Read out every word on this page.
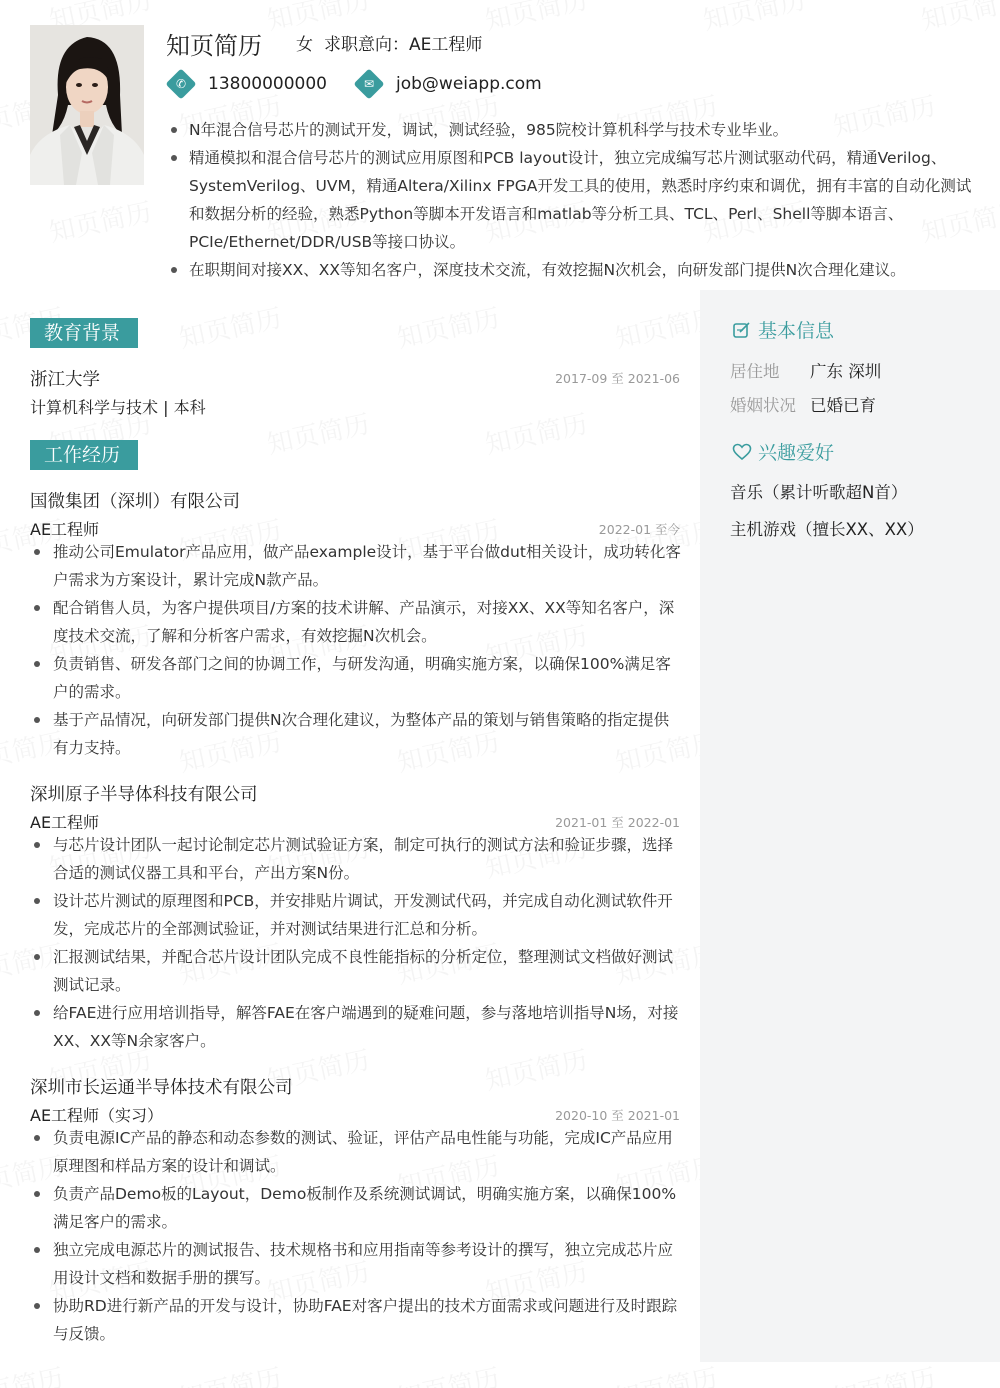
知页简历 女 求职意向：AE工程师
✆ 13800000000	✉ job@weiapp.com
N年混合信号芯片的测试开发，调试，测试经验，985院校计算机科学与技术专业毕业。
精通模拟和混合信号芯片的测试应用原图和PCB layout设计，独立完成编写芯片测试驱动代码，精通Verilog、SystemVerilog、UVM，精通Altera/Xilinx FPGA开发工具的使用，熟悉时序约束和调优，拥有丰富的自动化测试和数据分析的经验，熟悉Python等脚本开发语言和matlab等分析工具、TCL、Perl、Shell等脚本语言、PCIe/Ethernet/DDR/USB等接口协议。
在职期间对接XX、XX等知名客户，深度技术交流，有效挖掘N次机会，向研发部门提供N次合理化建议。
教育背景
浙江大学	2017-09 至 2021-06
计算机科学与技术 | 本科
工作经历
国微集团（深圳）有限公司
AE工程师	2022-01 至今
推动公司Emulator产品应用，做产品example设计，基于平台做dut相关设计，成功转化客户需求为方案设计，累计完成N款产品。
配合销售人员，为客户提供项目/方案的技术讲解、产品演示，对接XX、XX等知名客户，深度技术交流，了解和分析客户需求，有效挖掘N次机会。
负责销售、研发各部门之间的协调工作，与研发沟通，明确实施方案，以确保100%满足客户的需求。
基于产品情况，向研发部门提供N次合理化建议，为整体产品的策划与销售策略的指定提供有力支持。
深圳原子半导体科技有限公司
AE工程师	2021-01 至 2022-01
与芯片设计团队一起讨论制定芯片测试验证方案，制定可执行的测试方法和验证步骤，选择合适的测试仪器工具和平台，产出方案N份。
设计芯片测试的原理图和PCB，并安排贴片调试，开发测试代码，并完成自动化测试软件开发，完成芯片的全部测试验证，并对测试结果进行汇总和分析。
汇报测试结果，并配合芯片设计团队完成不良性能指标的分析定位，整理测试文档做好测试测试记录。
给FAE进行应用培训指导，解答FAE在客户端遇到的疑难问题，参与落地培训指导N场，对接XX、XX等N余家客户。
深圳市长运通半导体技术有限公司
AE工程师（实习）	2020-10 至 2021-01
负责电源IC产品的静态和动态参数的测试、验证，评估产品电性能与功能，完成IC产品应用原理图和样品方案的设计和调试。
负责产品Demo板的Layout，Demo板制作及系统测试调试，明确实施方案，以确保100%满足客户的需求。
独立完成电源芯片的测试报告、技术规格书和应用指南等参考设计的撰写，独立完成芯片应用设计文档和数据手册的撰写。
协助RD进行新产品的开发与设计，协助FAE对客户提出的技术方面需求或问题进行及时跟踪与反馈。
基本信息
居住地	广东 深圳
婚姻状况 已婚已育
兴趣爱好
音乐（累计听歌超N首）
主机游戏（擅长XX、XX）
